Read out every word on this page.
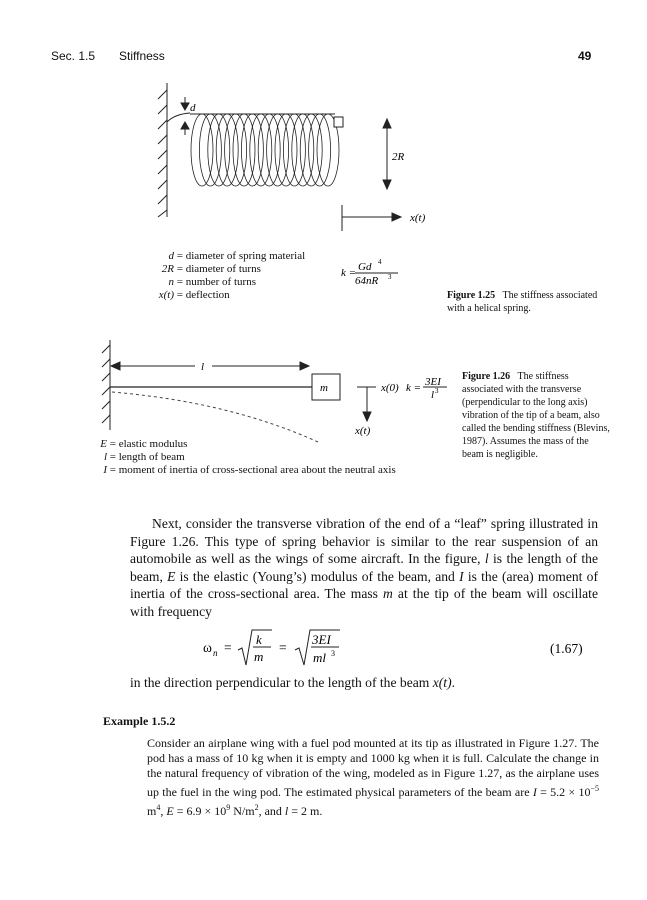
Sec. 1.5 Stiffness	49
d
2R
x(t)
k = Gd 4
64nR 3
d = diameter of spring material
2R = diameter of turns
n = number of turns
x(t) = deflection	Figure 1.25 The stiffness associated with a helical spring.
l
m	x(0)
x(t)
k = 3EI
l 3
E = elastic modulus
l = length of beam
I = moment of inertia of cross-sectional area about the neutral axis
Figure 1.26 The stiffness associated with the transverse (perpendicular to the long axis) vibration of the tip of a beam, also called the bending stiffness (Blevins, 1987). Assumes the mass of the beam is negligible.

Next, consider the transverse vibration of the end of a “leaf” spring illustrated in Figure 1.26. This type of spring behavior is similar to the rear suspension of an automobile as well as the wings of some aircraft. In the figure, l is the length of the beam, E is the elastic (Young’s) modulus of the beam, and I is the (area) moment of inertia of the cross-sectional area. The mass m at the tip of the beam will oscillate with frequency

ω n =
k
m
=
3EI
ml 3	(1.67)
in the direction perpendicular to the length of the beam x(t).
Example 1.5.2
Consider an airplane wing with a fuel pod mounted at its tip as illustrated in Figure 1.27. The pod has a mass of 10 kg when it is empty and 1000 kg when it is full. Calculate the change in the natural frequency of vibration of the wing, modeled as in Figure 1.27, as the airplane uses up the fuel in the wing pod. The estimated physical parameters of the beam are $I = 5.2 \times 10^{-5}$ $m^4$, $E = 6.9 \times 10^9$ $N/m^2$, and l = 2 m.
